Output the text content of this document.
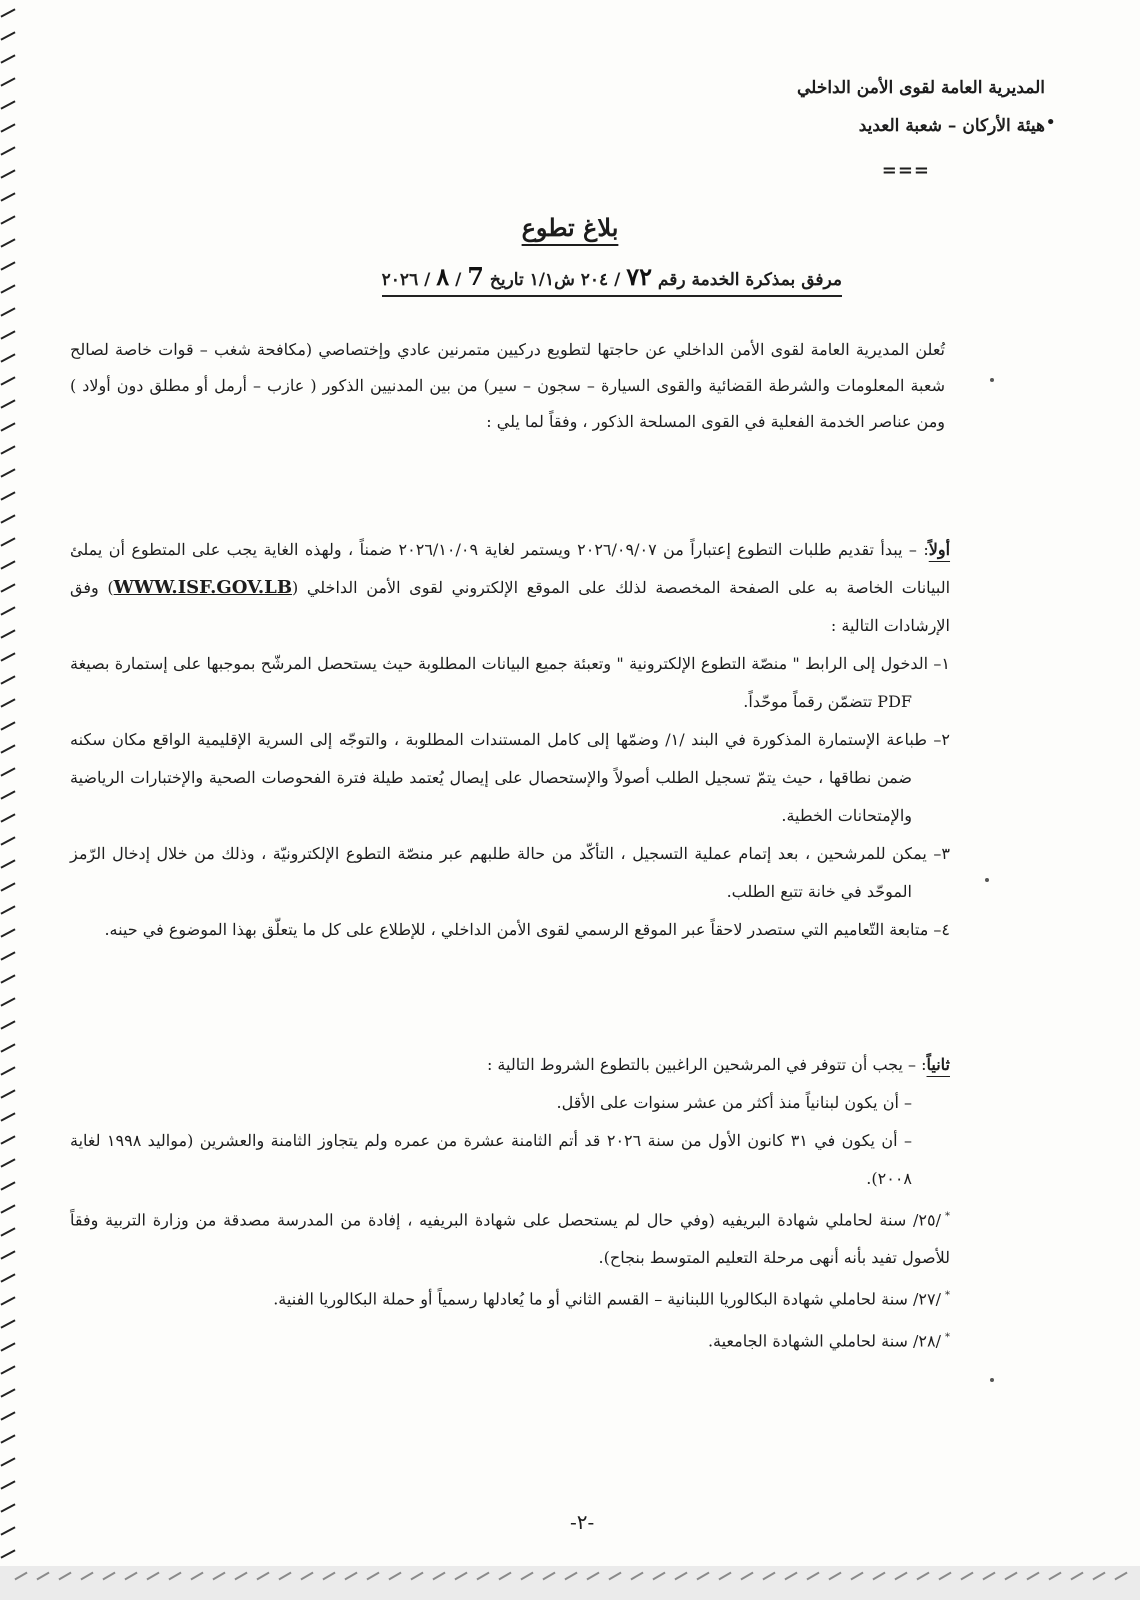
المديرية العامة لقوى الأمن الداخلي
هيئة الأركان – شعبة العديد •
===
بلاغ تطوع
مرفق بمذكرة الخدمة رقم ٧٢ / ٢٠٤ ش١/١ تاريخ 7 / ٨ / ٢٠٢٦

تُعلن المديرية العامة لقوى الأمن الداخلي عن حاجتها لتطويع دركيين متمرنين عادي وإختصاصي (مكافحة شغب – قوات خاصة لصالح شعبة المعلومات والشرطة القضائية والقوى السيارة – سجون – سير) من بين المدنيين الذكور ( عازب – أرمل أو مطلق دون أولاد ) ومن عناصر الخدمة الفعلية في القوى المسلحة الذكور ، وفقاً لما يلي :

أولاً: – يبدأ تقديم طلبات التطوع إعتباراً من ٢٠٢٦/٠٩/٠٧ ويستمر لغاية ٢٠٢٦/١٠/٠٩ ضمناً ، ولهذه الغاية يجب على المتطوع أن يملئ البيانات الخاصة به على الصفحة المخصصة لذلك على الموقع الإلكتروني لقوى الأمن الداخلي (WWW.ISF.GOV.LB) وفق الإرشادات التالية :

١– الدخول إلى الرابط " منصّة التطوع الإلكترونية " وتعبئة جميع البيانات المطلوبة حيث يستحصل المرشّح بموجبها على إستمارة بصيغة PDF تتضمّن رقماً موحّداً.

٢– طباعة الإستمارة المذكورة في البند /١/ وضمّها إلى كامل المستندات المطلوبة ، والتوجّه إلى السرية الإقليمية الواقع مكان سكنه ضمن نطاقها ، حيث يتمّ تسجيل الطلب أصولاً والإستحصال على إيصال يُعتمد طيلة فترة الفحوصات الصحية والإختبارات الرياضية والإمتحانات الخطية.

٣– يمكن للمرشحين ، بعد إتمام عملية التسجيل ، التأكّد من حالة طلبهم عبر منصّة التطوع الإلكترونيّة ، وذلك من خلال إدخال الرّمز الموحّد في خانة تتبع الطلب.

٤– متابعة التّعاميم التي ستصدر لاحقاً عبر الموقع الرسمي لقوى الأمن الداخلي ، للإطلاع على كل ما يتعلّق بهذا الموضوع في حينه.

ثانياً: – يجب أن تتوفر في المرشحين الراغبين بالتطوع الشروط التالية :

– أن يكون لبنانياً منذ أكثر من عشر سنوات على الأقل.

– أن يكون في ٣١ كانون الأول من سنة ٢٠٢٦ قد أتم الثامنة عشرة من عمره ولم يتجاوز الثامنة والعشرين (مواليد ١٩٩٨ لغاية ٢٠٠٨).

*/٢٥/ سنة لحاملي شهادة البريفيه (وفي حال لم يستحصل على شهادة البريفيه ، إفادة من المدرسة مصدقة من وزارة التربية وفقاً للأصول تفيد بأنه أنهى مرحلة التعليم المتوسط بنجاح).

*/٢٧/ سنة لحاملي شهادة البكالوريا اللبنانية – القسم الثاني أو ما يُعادلها رسمياً أو حملة البكالوريا الفنية.

*/٢٨/ سنة لحاملي الشهادة الجامعية.

-٢-
